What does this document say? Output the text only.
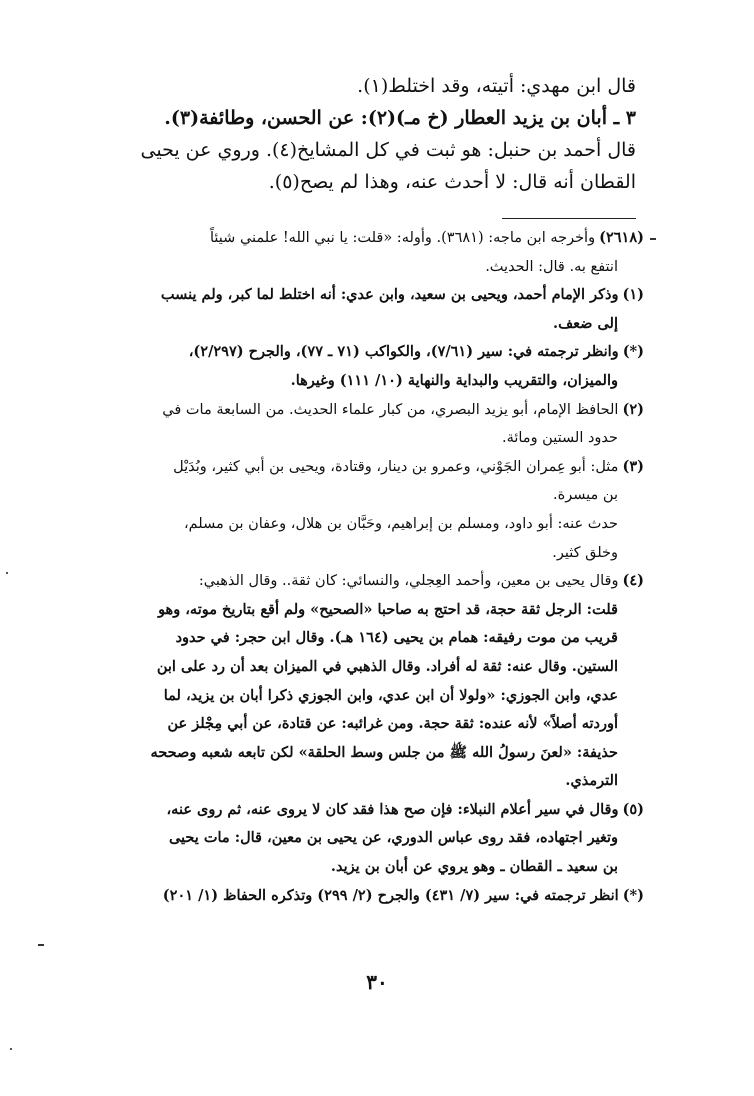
قال ابن مهدي: أتيته، وقد اختلط(١).
٣ ـ أبان بن يزيد العطار (خ مـ)(٢): عن الحسن، وطائفة(٣).
قال أحمد بن حنبل: هو ثبت في كل المشايخ(٤). وروي عن يحيى
القطان أنه قال: لا أحدث عنه، وهذا لم يصح(٥).

(٢٦١٨)وأخرجه ابن ماجه: (٣٦٨١). وأوله: «قلت: يا نبي الله! علمني شيئاً

انتفع به. قال: الحديث.

(١)وذكر الإمام أحمد، ويحيى بن سعيد، وابن عدي: أنه اختلط لما كبر، ولم ينسب

إلى ضعف.

(*)وانظر ترجمته في: سير (٧/٦١)، والكواكب (٧١ ـ ٧٧)، والجرح (٢/٢٩٧)،

والميزان، والتقريب والبداية والنهاية (١٠/ ١١١) وغيرها.

(٢)الحافظ الإمام، أبو يزيد البصري، من كبار علماء الحديث. من السابعة مات في

حدود الستين ومائة.

(٣)مثل: أبو عِمران الجَوْني، وعمرو بن دينار، وقتادة، ويحيى بن أبي كثير، وبُدَيْل

بن ميسرة.

حدث عنه: أبو داود، ومسلم بن إبراهيم، وحَبَّان بن هلال، وعفان بن مسلم،

وخلق كثير.

(٤)وقال يحيى بن معين، وأحمد العِجلي، والنسائي: كان ثقة.. وقال الذهبي:

قلت: الرجل ثقة حجة، قد احتج به صاحبا «الصحيح» ولم أقع بتاريخ موته، وهو

قريب من موت رفيقه: همام بن يحيى (١٦٤ هـ). وقال ابن حجر: في حدود

الستين. وقال عنه: ثقة له أفراد. وقال الذهبي في الميزان بعد أن رد على ابن

عدي، وابن الجوزي: «ولولا أن ابن عدي، وابن الجوزي ذكرا أبان بن يزيد، لما

أوردته أصلاً» لأنه عنده: ثقة حجة. ومن غرائبه: عن قتادة، عن أبي مِجْلز عن

حذيفة: «لعنَ رسولُ الله ﷺ من جلس وسط الحلقة» لكن تابعه شعبه وصححه

الترمذي.

(٥)وقال في سير أعلام النبلاء: فإن صح هذا فقد كان لا يروى عنه، ثم روى عنه،

وتغير اجتهاده، فقد روى عباس الدوري، عن يحيى بن معين، قال: مات يحيى

بن سعيد ـ القطان ـ وهو يروي عن أبان بن يزيد.

(*)انظر ترجمته في: سير (٧/ ٤٣١) والجرح (٢/ ٢٩٩) وتذكره الحفاظ (١/ ٢٠١)

٣٠
